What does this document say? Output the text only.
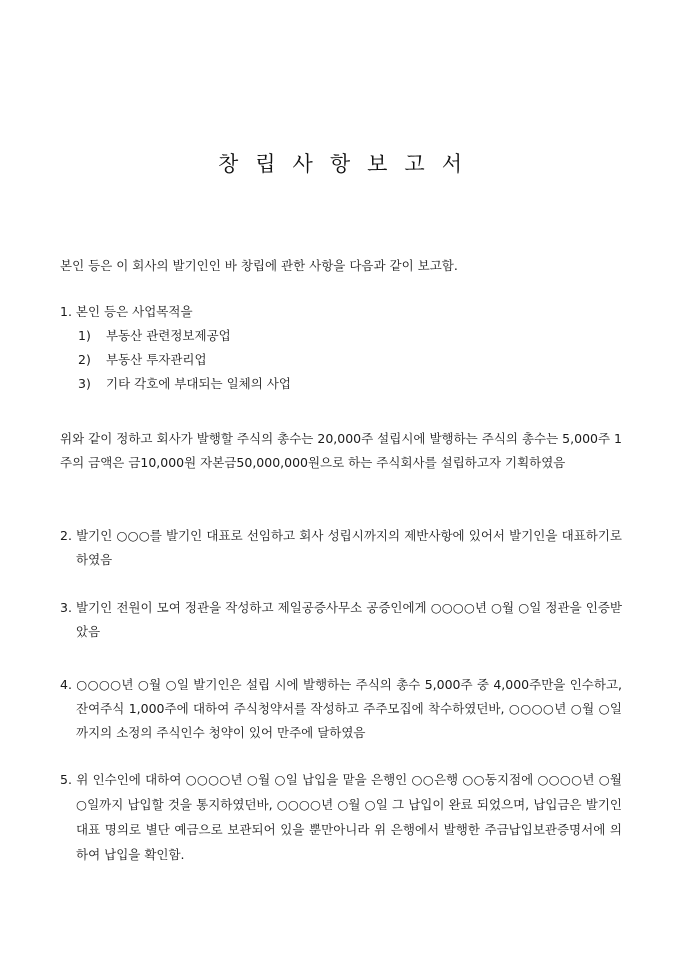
창립사항보고서
본인 등은 이 회사의 발기인인 바 창립에 관한 사항을 다음과 같이 보고함.
1. 본인 등은 사업목적을
1) 부동산 관련정보제공업
2) 부동산 투자관리업
3) 기타 각호에 부대되는 일체의 사업
위와 같이 정하고 회사가 발행할 주식의 총수는 20,000주 설립시에 발행하는 주식의 총수는 5,000주 1주의 금액은 금10,000원 자본금50,000,000원으로 하는 주식회사를 설립하고자 기획하였음
2. 발기인 ○○○를 발기인 대표로 선임하고 회사 성립시까지의 제반사항에 있어서 발기인을 대표하기로 하였음
3. 발기인 전원이 모여 정관을 작성하고 제일공증사무소 공증인에게 ○○○○년 ○월 ○일 정관을 인증받았음
4. ○○○○년 ○월 ○일 발기인은 설립 시에 발행하는 주식의 총수 5,000주 중 4,000주만을 인수하고, 잔여주식 1,000주에 대하여 주식청약서를 작성하고 주주모집에 착수하였던바, ○○○○년 ○월 ○일까지의 소정의 주식인수 청약이 있어 만주에 달하였음
5. 위 인수인에 대하여 ○○○○년 ○월 ○일 납입을 맡을 은행인 ○○은행 ○○동지점에 ○○○○년 ○월 ○일까지 납입할 것을 통지하였던바, ○○○○년 ○월 ○일 그 납입이 완료 되었으며, 납입금은 발기인 대표 명의로 별단 예금으로 보관되어 있을 뿐만아니라 위 은행에서 발행한 주금납입보관증명서에 의하여 납입을 확인함.
